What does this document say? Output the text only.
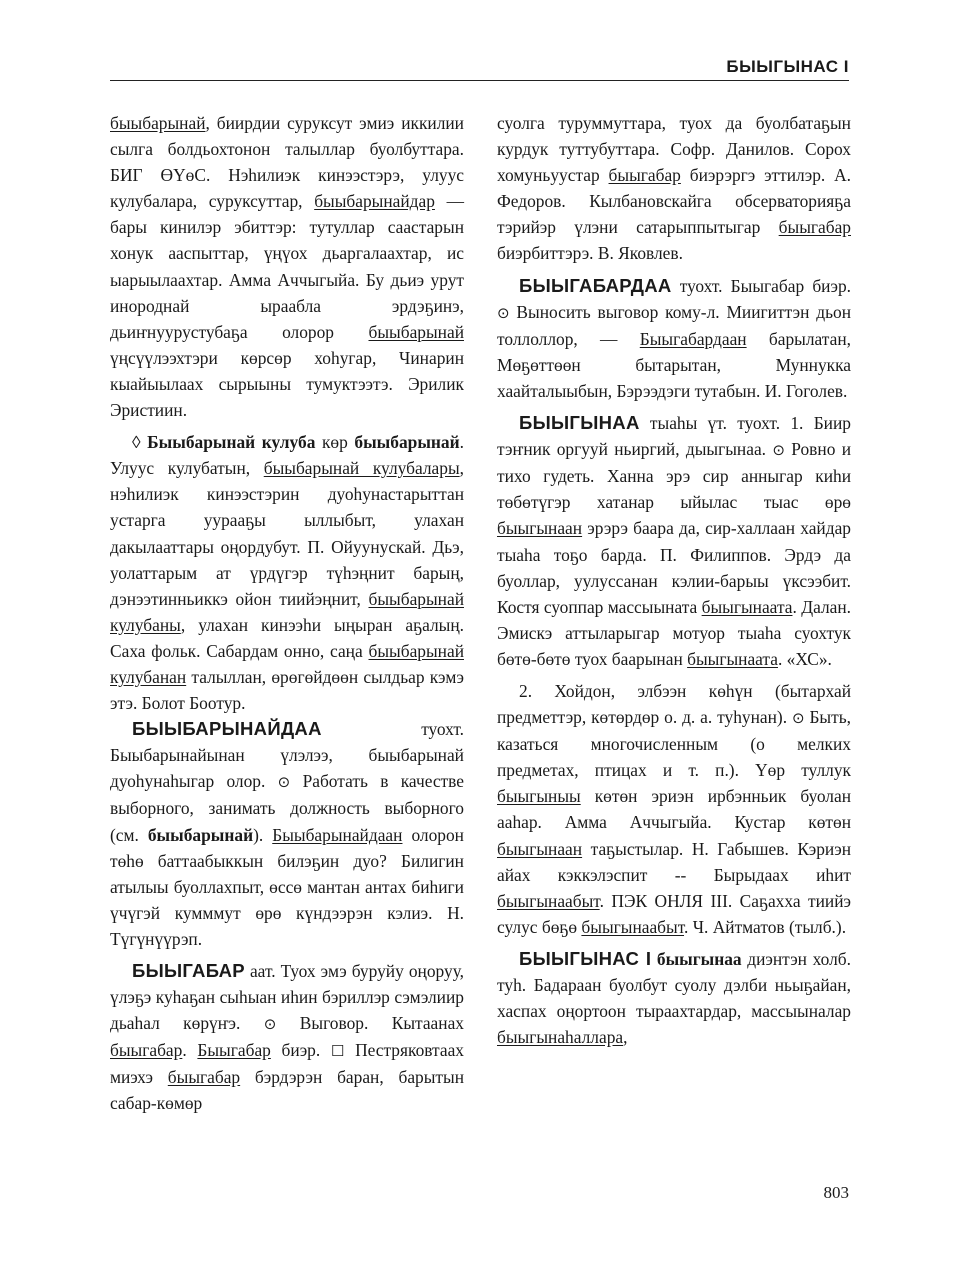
БЫЫГЫНАС I

быыбарынай, биирдии суруксут эмиэ иккилии сылга болдьохтонон талыллар буолбуттара. БИГ ӨҮөС. Нэһилиэк кинээстэрэ, улуус кулубалара, суруксуттар, быыбарынайдар — бары кинилэр эбиттэр: тутуллар саастарын хонук ааспыттар, үңүох дьаргалаахтар, ис ыарыылаахтар. Амма Аччыгыйа. Бу дьиэ урут инороднай ыраабла эрдэҕинэ, дьиҥнуурустубаҕа олорор быыбарынай үңсүүлээхтэри көрсөр хоһугар, Чинарин кыайыылаах сырыыны тумуктээтэ. Эрилик Эристиин.

◊ Быыбарынай кулуба көр быыбарынай. Улуус кулубатын, быыбарынай кулубалары, нэһилиэк кинээстэрин дуоһунастарыттан устарга уурааҕы ыллыбыт, улахан дакылааттары оңордубут. П. Ойуунускай. Дьэ, уолаттарым ат үрдүгэр түһэңнит барың, дэнээтинньиккэ ойон тиийэңнит, быыбарынай кулубаны, улахан кинээһи ыңыран аҕалың. Саха фольк. Сабардам онно, саңа быыбарынай кулубанан талыллан, өрөгөйдөөн сылдьар кэмэ этэ. Болот Боотур.

БЫЫБАРЫНАЙДАА туохт. Быыбарынайынан үлэлээ, быыбарынай дуоһунаһыгар олор. ⊙ Работать в качестве выборного, занимать должность выборного (см. быыбарынай). Быыбарынайдаан олорон төһө баттаабыккын билэҕин дуо? Билигин атылыы буоллахпыт, өссө мантан антах биһиги үчүгэй кумммут өрө күндээрэн кэлиэ. Н. Түгүнүүрэп.

БЫЫГАБАР аат. Туох эмэ буруйу оңоруу, үлэҕэ куһаҕан сыһыан иһин бэриллэр сэмэлиир дьаһал көрүҥэ. ⊙ Выговор. Кытаанах быыгабар. Быыгабар биэр. ☐ Пестряковтаах миэхэ быыгабар бэрдэрэн баран, барытын сабар-көмөр

суолга туруммуттара, туох да буолбатаҕын курдук туттубуттара. Софр. Данилов. Сорох хомуньуустар быыгабар биэрэргэ эттилэр. А. Федоров. Кылбановскайга обсерваторияҕа тэрийэр үлэни сатарыппытыгар быыгабар биэрбиттэрэ. В. Яковлев.

БЫЫГАБАРДАА туохт. Быыгабар биэр. ⊙ Выносить выговор кому-л. Миигиттэн дьон толлоллор, — Быыгабардаан барылатан, Мөҕөттөөн бытарытан, Муннукка хаайталыыбын, Бэрээдэги тутабын. И. Гоголев.

БЫЫГЫНАА тыаһы үт. туохт. 1. Биир тэҥник оргууй ньиргий, дыыгынаа. ⊙ Ровно и тихо гудеть. Ханна эрэ сир анныгар киһи төбөтүгэр хатанар ыйылас тыас өрө быыгынаан эрэрэ баара да, сир-халлаан хайдар тыаһа тоҕо барда. П. Филиппов. Эрдэ да буоллар, уулуссанан кэлии-барыы үксээбит. Коcтя суоппар массыыната быыгынаата. Далан. Эмискэ аттыларыгар мотуор тыаһа суохтук бөтө-бөтө туох баарынан быыгынаата. «ХС».

2. Хойдон, элбээн көһүн (бытархай предметтэр, көтөрдөр о. д. а. туһунан). ⊙ Быть, казаться многочисленным (о мелких предметах, птицах и т. п.). Үөр туллук быыгыныы көтөн эриэн ирбэнньик буолан ааһар. Амма Аччыгыйа. Кустар көтөн быыгынаан таҕыстылар. Н. Габышев. Кэриэн айах кэккэлэспит -- Бырыдаах иһит быыгынаабыт. ПЭК ОНЛЯ III. Саҕахха тиийэ сулус бөҕө быыгынаабыт. Ч. Айтматов (тылб.).

БЫЫГЫНАС I быыгынаа диэнтэн холб. туһ. Бадараан буолбут суолу дэлби ньыҕайан, хаспах оңортоон тыраахтардар, массыыналар быыгынаһаллара,

803
